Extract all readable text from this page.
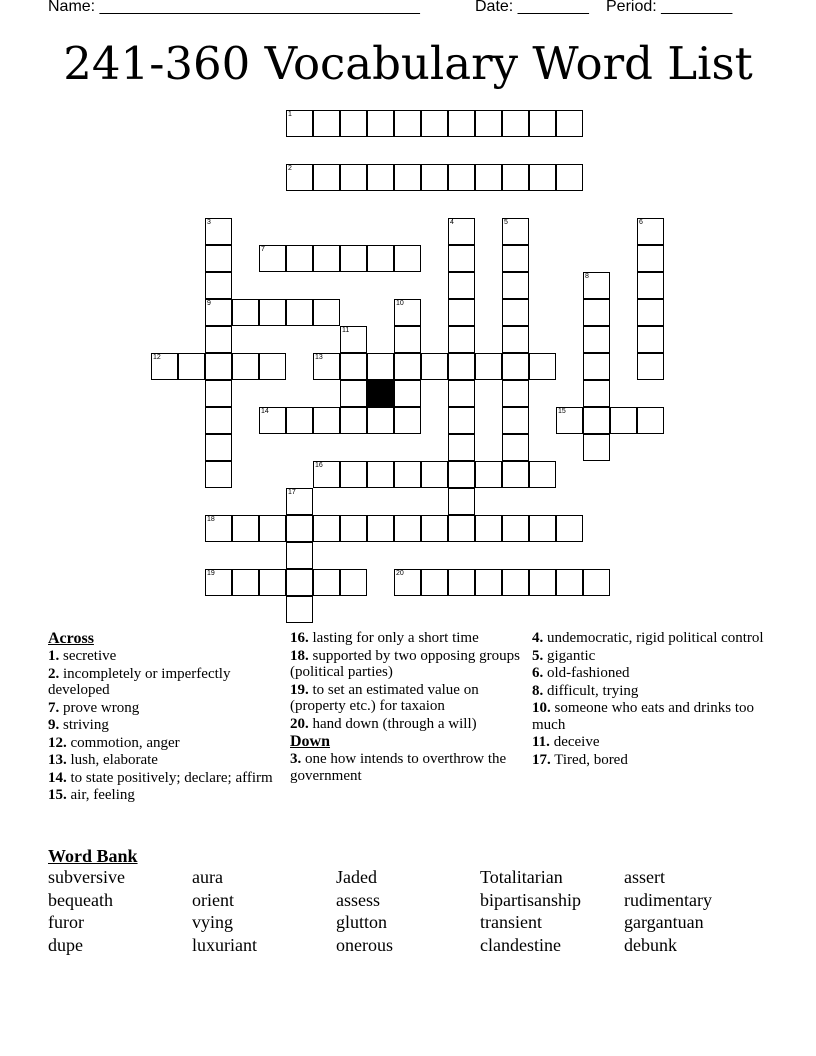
Name: ____________________________________	Date: ________ Period: ________
241-360 Vocabulary Word List
1
2
3	4	5	6
7
8
9	10
11
12	13
14	15
16
17
18
19	20
Across
1. secretive
2. incompletely or imperfectly developed
7. prove wrong
9. striving
12. commotion, anger
13. lush, elaborate
14. to state positively; declare; affirm
15. air, feeling
16. lasting for only a short time
18. supported by two opposing groups (political parties)
19. to set an estimated value on (property etc.) for taxaion
20. hand down (through a will)
Down
3. one how intends to overthrow the government
4. undemocratic, rigid political control
5. gigantic
6. old-fashioned
8. difficult, trying
10. someone who eats and drinks too much
11. deceive
17. Tired, bored
Word Bank
subversive
bequeath
furor
dupe
aura
orient
vying
luxuriant
Jaded
assess
glutton
onerous
Totalitarian
bipartisanship
transient
clandestine
assert
rudimentary
gargantuan
debunk
